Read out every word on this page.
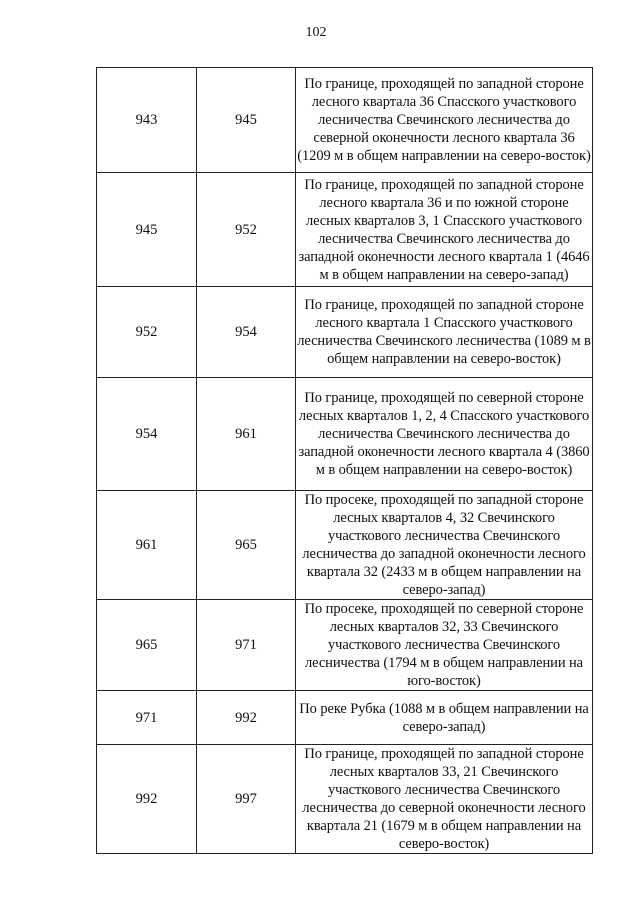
102
943	945	По границе, проходящей по западной стороне лесного квартала 36 Спасского участкового лесничества Свечинского лесничества до северной оконечности лесного квартала 36 (1209 м в общем направлении на северо-восток)
945	952	По границе, проходящей по западной стороне лесного квартала 36 и по южной стороне лесных кварталов 3, 1 Спасского участкового лесничества Свечинского лесничества до западной оконечности лесного квартала 1 (4646 м в общем направлении на северо-запад)
952	954	По границе, проходящей по западной стороне лесного квартала 1 Спасского участкового лесничества Свечинского лесничества (1089 м в общем направлении на северо-восток)
954	961	По границе, проходящей по северной стороне лесных кварталов 1, 2, 4 Спасского участкового лесничества Свечинского лесничества до западной оконечности лесного квартала 4 (3860 м в общем направлении на северо-восток)
961	965	По просеке, проходящей по западной стороне лесных кварталов 4, 32 Свечинского участкового лесничества Свечинского лесничества до западной оконечности лесного квартала 32 (2433 м в общем направлении на северо-запад)
965	971	По просеке, проходящей по северной стороне лесных кварталов 32, 33 Свечинского участкового лесничества Свечинского лесничества (1794 м в общем направлении на юго-восток)
971	992	По реке Рубка (1088 м в общем направлении на северо-запад)
992	997	По границе, проходящей по западной стороне лесных кварталов 33, 21 Свечинского участкового лесничества Свечинского лесничества до северной оконечности лесного квартала 21 (1679 м в общем направлении на северо-восток)
